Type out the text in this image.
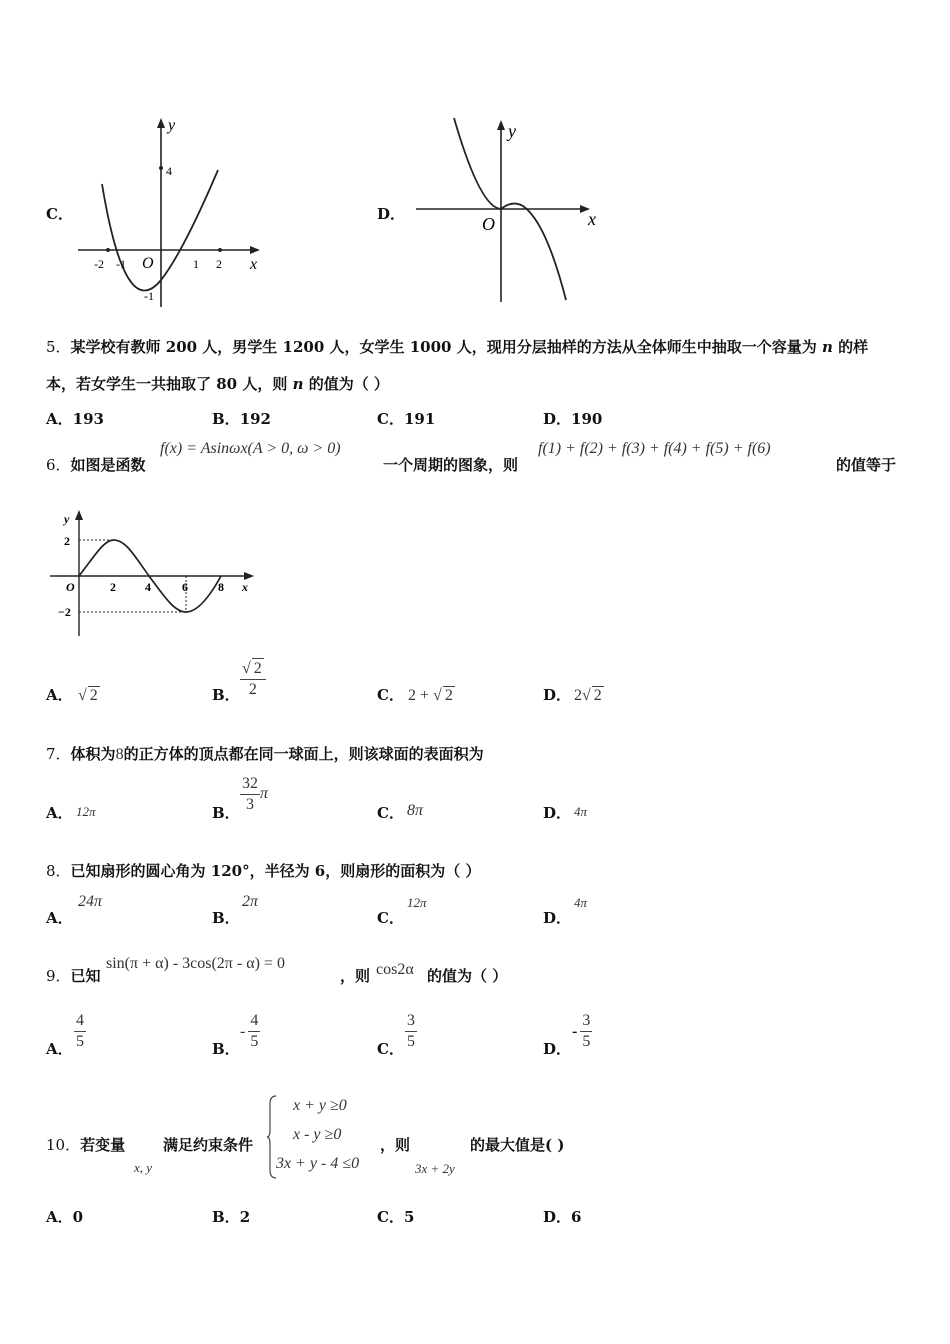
C．
y
4
x
O
-1
-2 -1	1 2
D．
y
x
O
5．某学校有教师 200 人，男学生 1200 人，女学生 1000 人，现用分层抽样的方法从全体师生中抽取一个容量为 n 的样
本，若女学生一共抽取了 80 人，则 n 的值为（ ）
A．193	B．192	C．191	D．190
6．如图是函数
f(x) = Asinωx(A > 0, ω > 0)
一个周期的图象，则
f(1) + f(2) + f(3) + f(4) + f(5) + f(6)
的值等于
y
2
−2
O	2 4	6	8 x
A． √ 2	B． $\frac{√ 2}{2}$	C． 2 + √ 2	D． 2√ 2
7．体积为8的正方体的顶点都在同一球面上，则该球面的表面积为
A． 12π	B． $\frac{32}{3}$ π
C． 8π	D． 4π
8．已知扇形的圆心角为 120°，半径为 6，则扇形的面积为（ ）
A．
24π
B．
2π
C．
12π
D．
4π
9．已知
sin(π + α) - 3cos(2π - α) = 0
，则 cos2α 的值为（ ）
A． $\frac{4}{5}$	B．
- $\frac{4}{5}$	C． $\frac{3}{5}$	D．
- $\frac{3}{5}$
10．若变量
x, y
满足约束条件
x + y ≥0
x - y ≥0
3x + y - 4 ≤0
，则
3x + 2y
的最大值是( )
A．0	B．2	C．5	D．6
